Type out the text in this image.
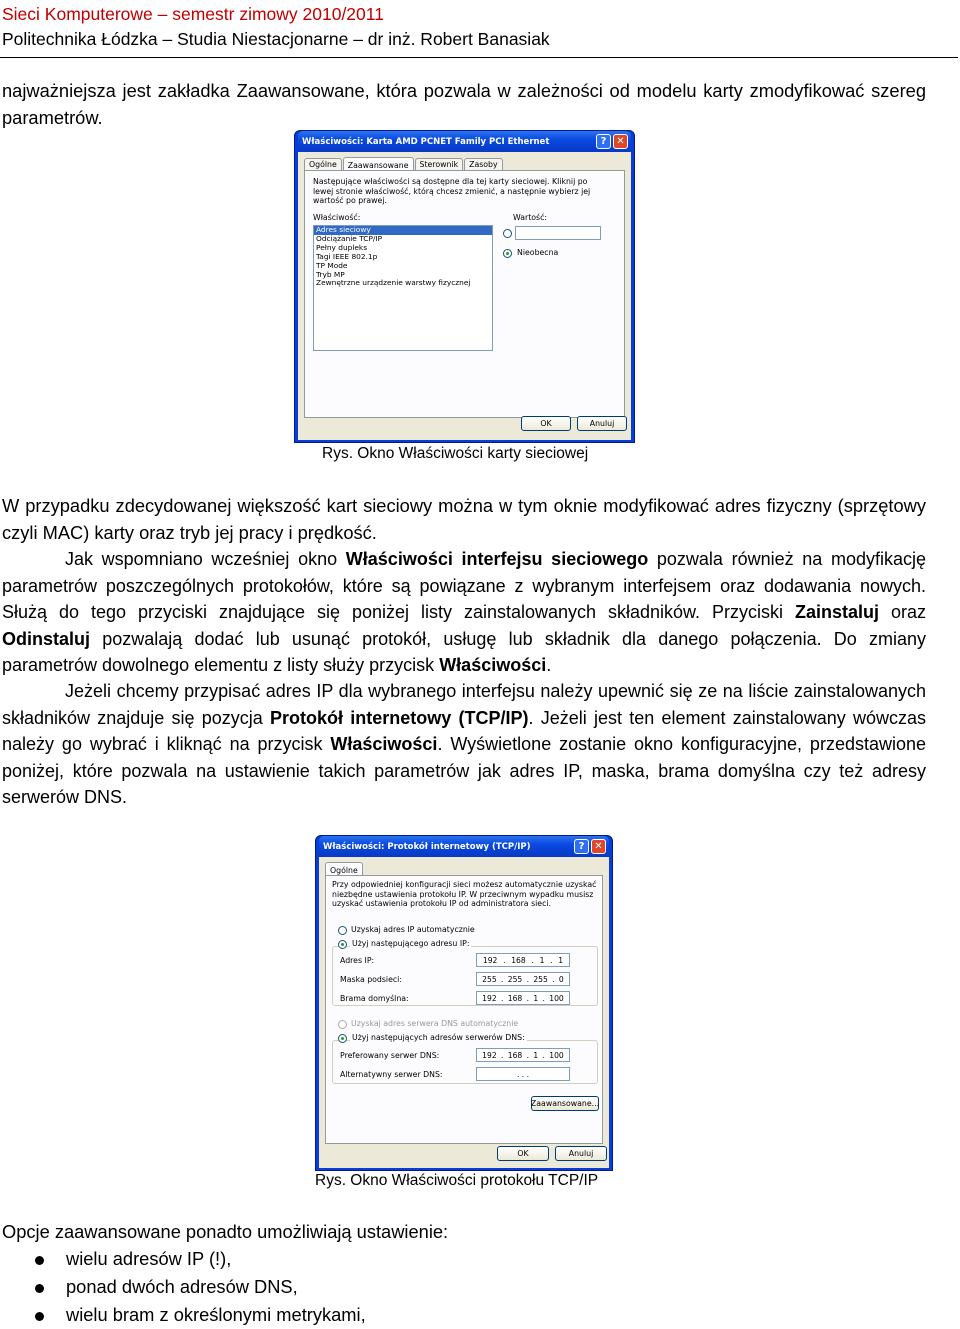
Sieci Komputerowe – semestr zimowy 2010/2011
Politechnika Łódzka – Studia Niestacjonarne – dr inż. Robert Banasiak
najważniejsza jest zakładka Zaawansowane, która pozwala w zależności od modelu karty zmodyfikować szereg parametrów.
Właściwości: Karta AMD PCNET Family PCI Ethernet	? ✕
Ogólne	Zaawansowane	Sterownik	Zasoby
Następujące właściwości są dostępne dla tej karty sieciowej. Kliknij po lewej stronie właściwość, którą chcesz zmienić, a następnie wybierz jej wartość po prawej.
Właściwość:
Adres sieciowy
Odciążanie TCP/IP
Pełny dupleks
Tagi IEEE 802.1p
TP Mode
Tryb MP
Zewnętrzne urządzenie warstwy fizycznej
Wartość:
Nieobecna
OK	Anuluj
Rys. Okno Właściwości karty sieciowej
W przypadku zdecydowanej większość kart sieciowy można w tym oknie modyfikować adres fizyczny (sprzętowy czyli MAC) karty oraz tryb jej pracy i prędkość.
Jak wspomniano wcześniej okno Właściwości interfejsu sieciowego pozwala również na modyfikację parametrów poszczególnych protokołów, które są powiązane z wybranym interfejsem oraz dodawania nowych. Służą do tego przyciski znajdujące się poniżej listy zainstalowanych składników. Przyciski Zainstaluj oraz Odinstaluj pozwalają dodać lub usunąć protokół, usługę lub składnik dla danego połączenia. Do zmiany parametrów dowolnego elementu z listy służy przycisk Właściwości.
Jeżeli chcemy przypisać adres IP dla wybranego interfejsu należy upewnić się ze na liście zainstalowanych składników znajduje się pozycja Protokół internetowy (TCP/IP). Jeżeli jest ten element zainstalowany wówczas należy go wybrać i kliknąć na przycisk Właściwości. Wyświetlone zostanie okno konfiguracyjne, przedstawione poniżej, które pozwala na ustawienie takich parametrów jak adres IP, maska, brama domyślna czy też adresy serwerów DNS.
Właściwości: Protokół internetowy (TCP/IP)	? ✕
Ogólne
Przy odpowiedniej konfiguracji sieci możesz automatycznie uzyskać niezbędne ustawienia protokołu IP. W przeciwnym wypadku musisz uzyskać ustawienia protokołu IP od administratora sieci.
Uzyskaj adres IP automatycznie
Użyj następującego adresu IP:
Adres IP:	192 . 168 . 1 . 1
Maska podsieci:	255 . 255 . 255 . 0
Brama domyślna:	192 . 168 . 1 . 100
Uzyskaj adres serwera DNS automatycznie
Użyj następujących adresów serwerów DNS:
Preferowany serwer DNS:	192 . 168 . 1 . 100
Alternatywny serwer DNS:	. . .
Zaawansowane...
OK	Anuluj
Rys. Okno Właściwości protokołu TCP/IP
Opcje zaawansowane ponadto umożliwiają ustawienie:
wielu adresów IP (!),
ponad dwóch adresów DNS,
wielu bram z określonymi metrykami,
